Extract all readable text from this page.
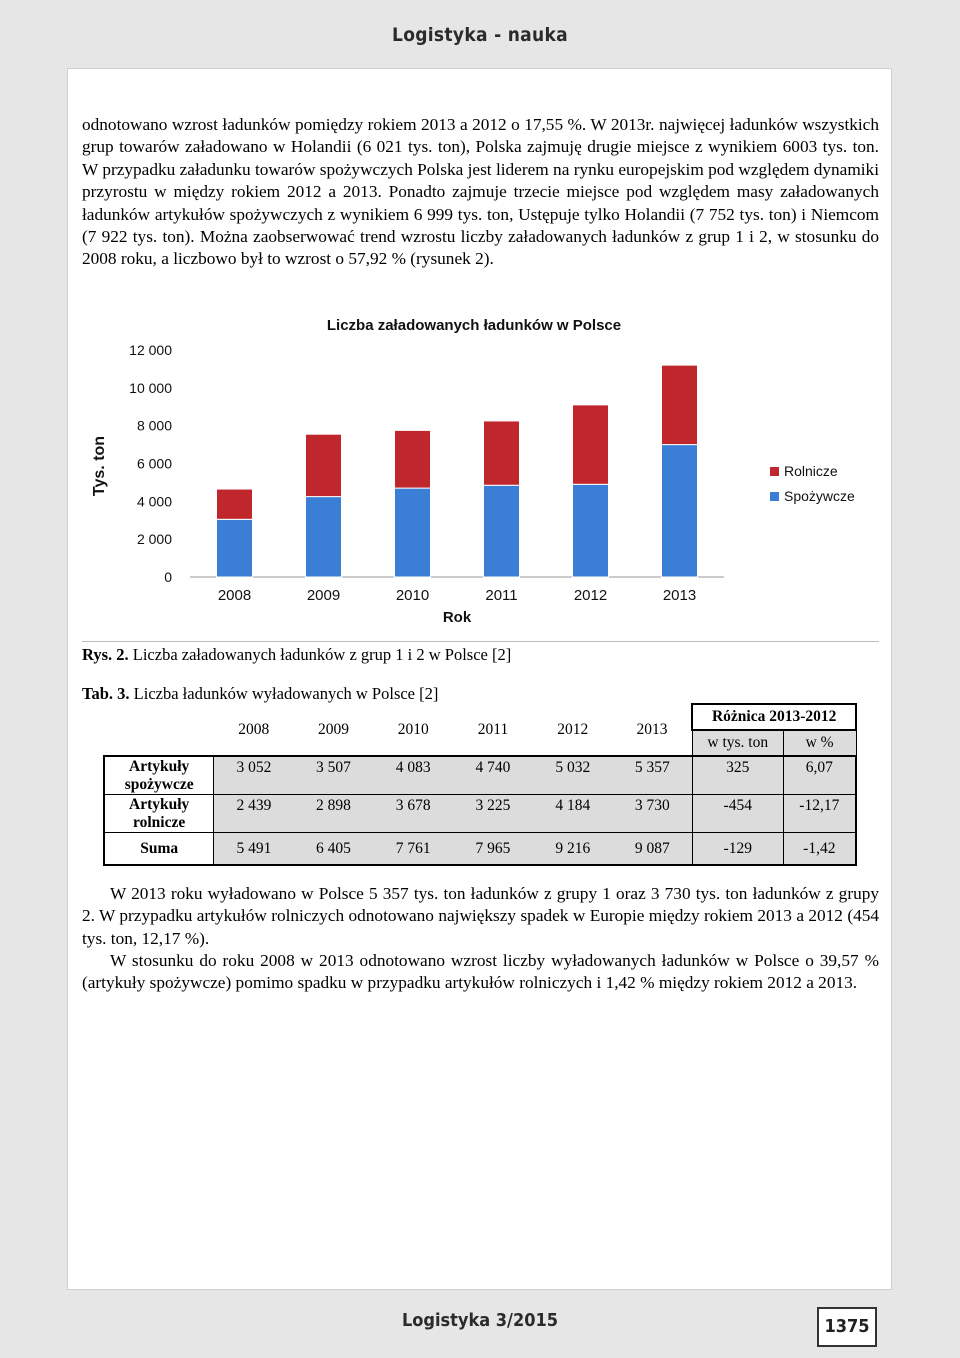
Logistyka - nauka

odnotowano wzrost ładunków pomiędzy rokiem 2013 a 2012 o 17,55 %. W 2013r. najwięcej ładunków wszystkich grup towarów załadowano w Holandii (6 021 tys. ton), Polska zajmuję drugie miejsce z wynikiem 6003 tys. ton. W przypadku załadunku towarów spożywczych Polska jest liderem na rynku europejskim pod względem dynamiki przyrostu w między rokiem 2012 a 2013. Ponadto zajmuje trzecie miejsce pod względem masy załadowanych ładunków artykułów spożywczych z wynikiem 6 999 tys. ton, Ustępuje tylko Holandii (7 752 tys. ton) i Niemcom (7 922 tys. ton). Można zaobserwować trend wzrostu liczby załadowanych ładunków z grup 1 i 2, w stosunku do 2008 roku, a liczbowo był to wzrost o 57,92 % (rysunek 2).

Liczba załadowanych ładunków w Polsce
Tys. ton
Rok
0
2 000
4 000
6 000
8 000
10 000
12 000
2008	2009	2010	2011	2012	2013
Rolnicze
Spożywcze
Rys. 2. Liczba załadowanych ładunków z grup 1 i 2 w Polsce [2]
Tab. 3. Liczba ładunków wyładowanych w Polsce [2]
	2008	2009	2010	2011	2012	2013	Różnica 2013-2012	
							w tys. ton	w %

Artykuły
spożywcze	3 052	3 507	4 083	4 740	5 032	5 357	325	6,07

Artykuły
rolnicze	2 439	2 898	3 678	3 225	4 184	3 730	-454	-12,17

Suma	5 491	6 405	7 761	7 965	9 216	9 087	-129	-1,42

W 2013 roku wyładowano w Polsce 5 357 tys. ton ładunków z grupy 1 oraz 3 730 tys. ton ładunków z grupy 2. W przypadku artykułów rolniczych odnotowano największy spadek w Europie między rokiem 2013 a 2012 (454 tys. ton, 12,17 %).

W stosunku do roku 2008 w 2013 odnotowano wzrost liczby wyładowanych ładunków w Polsce o 39,57 % (artykuły spożywcze) pomimo spadku w przypadku artykułów rolniczych i 1,42 % między rokiem 2012 a 2013.

Logistyka 3/2015	1375
